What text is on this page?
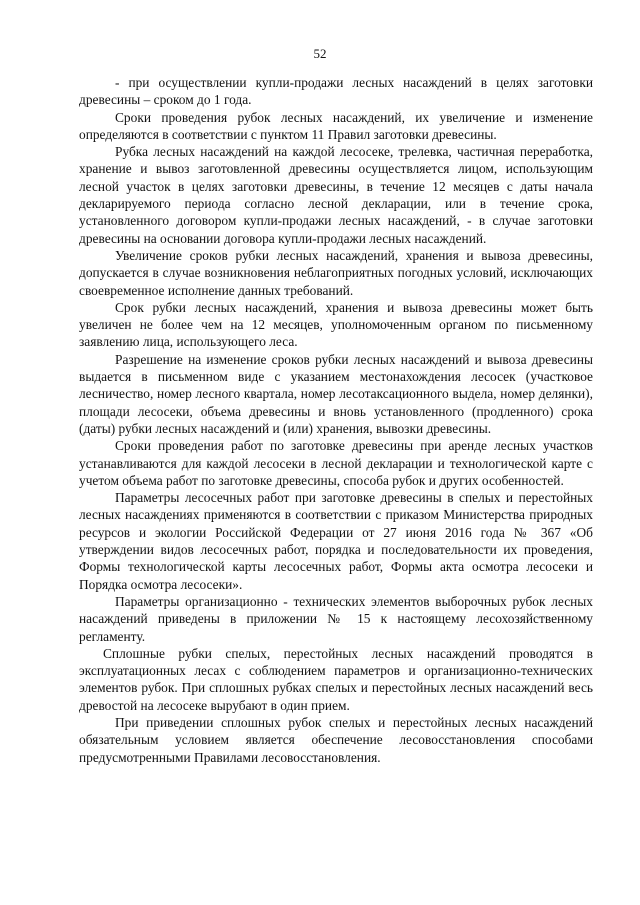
52

- при осуществлении купли-продажи лесных насаждений в целях заготовки древесины – сроком до 1 года.

Сроки проведения рубок лесных насаждений, их увеличение и изменение определяются в соответствии с пунктом 11 Правил заготовки древесины.

Рубка лесных насаждений на каждой лесосеке, трелевка, частичная переработка, хранение и вывоз заготовленной древесины осуществляется лицом, использующим лесной участок в целях заготовки древесины, в течение 12 месяцев с даты начала декларируемого периода согласно лесной декларации, или в течение срока, установленного договором купли-продажи лесных насаждений, - в случае заготовки древесины на основании договора купли-продажи лесных насаждений.

Увеличение сроков рубки лесных насаждений, хранения и вывоза древесины, допускается в случае возникновения неблагоприятных погодных условий, исключающих своевременное исполнение данных требований.

Срок рубки лесных насаждений, хранения и вывоза древесины может быть увеличен не более чем на 12 месяцев, уполномоченным органом по письменному заявлению лица, использующего леса.

Разрешение на изменение сроков рубки лесных насаждений и вывоза древесины выдается в письменном виде с указанием местонахождения лесосек (участковое лесничество, номер лесного квартала, номер лесотаксационного выдела, номер делянки), площади лесосеки, объема древесины и вновь установленного (продленного) срока (даты) рубки лесных насаждений и (или) хранения, вывозки древесины.

Сроки проведения работ по заготовке древесины при аренде лесных участков устанавливаются для каждой лесосеки в лесной декларации и технологической карте с учетом объема работ по заготовке древесины, способа рубок и других особенностей.

Параметры лесосечных работ при заготовке древесины в спелых и перестойных лесных насаждениях применяются в соответствии с приказом Министерства природных ресурсов и экологии Российской Федерации от 27 июня 2016 года № 367 «Об утверждении видов лесосечных работ, порядка и последовательности их проведения, Формы технологической карты лесосечных работ, Формы акта осмотра лесосеки и Порядка осмотра лесосеки».

Параметры организационно - технических элементов выборочных рубок лесных насаждений приведены в приложении № 15 к настоящему лесохозяйственному регламенту.

Сплошные рубки спелых, перестойных лесных насаждений проводятся в эксплуатационных лесах с соблюдением параметров и организационно-технических элементов рубок. При сплошных рубках спелых и перестойных лесных насаждений весь древостой на лесосеке вырубают в один прием.

При приведении сплошных рубок спелых и перестойных лесных насаждений обязательным условием является обеспечение лесовосстановления способами предусмотренными Правилами лесовосстановления.
